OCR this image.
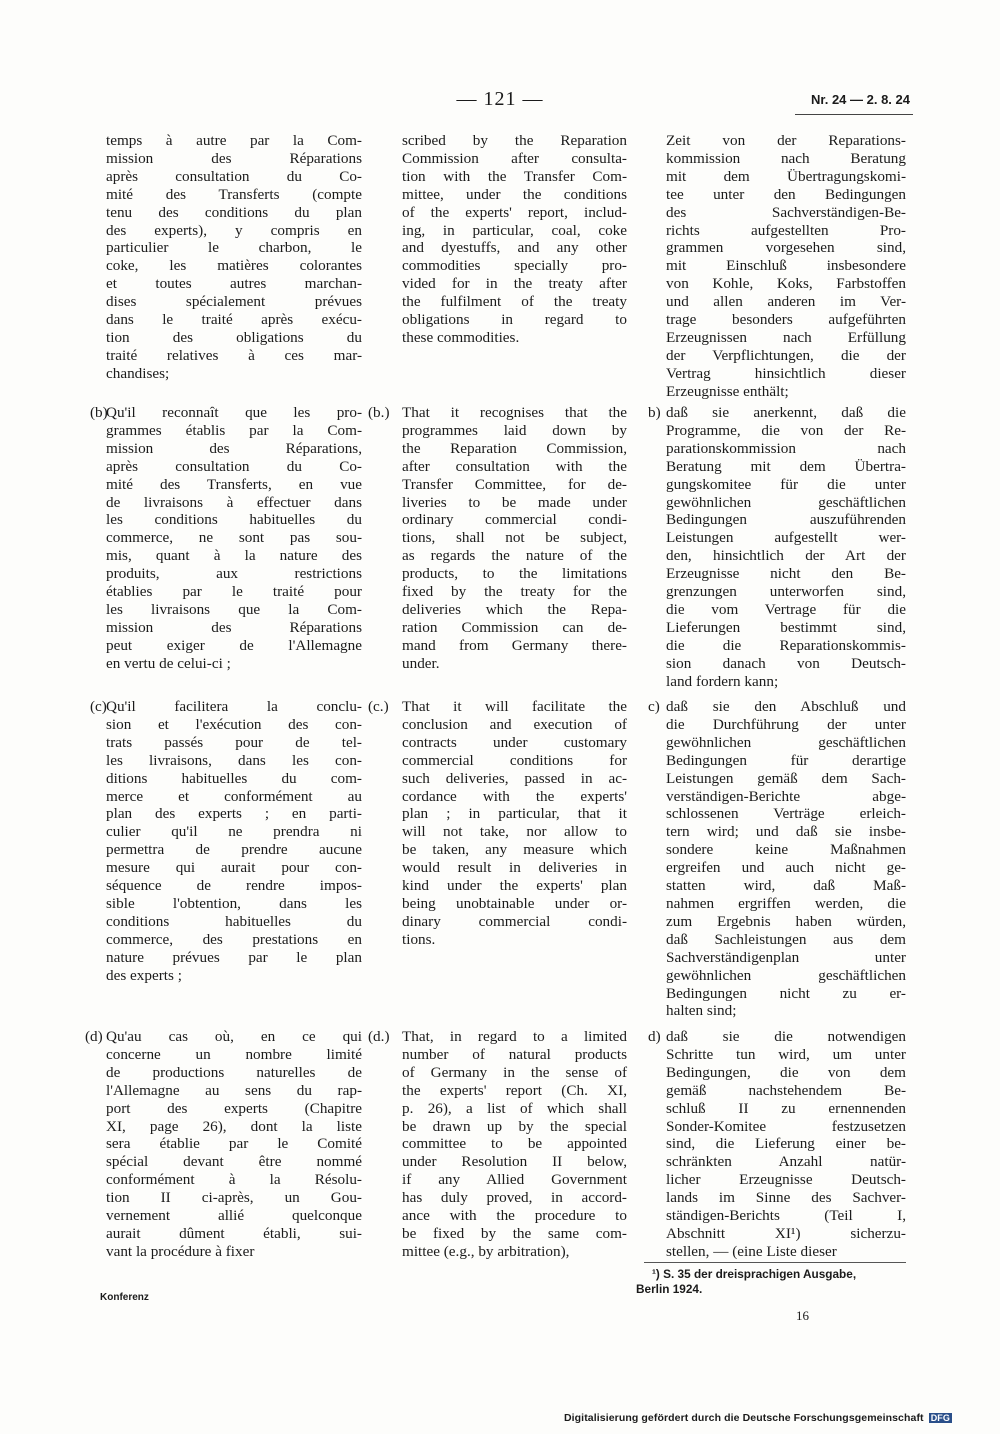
— 121 —	Nr. 24 — 2. 8. 24
temps à autre par la Com-
mission des Réparations
après consultation du Co-
mité des Transferts (compte
tenu des conditions du plan
des experts), y compris en
particulier le charbon, le
coke, les matières colorantes
et toutes autres marchan-
dises spécialement prévues
dans le traité après exécu-
tion des obligations du
traité relatives à ces mar-
chandises;
(b)
Qu'il reconnaît que les pro-
grammes établis par la Com-
mission des Réparations,
après consultation du Co-
mité des Transferts, en vue
de livraisons à effectuer dans
les conditions habituelles du
commerce, ne sont pas sou-
mis, quant à la nature des
produits, aux restrictions
établies par le traité pour
les livraisons que la Com-
mission des Réparations
peut exiger de l'Allemagne
en vertu de celui-ci ;
(c) Qu'il facilitera la conclu-
sion et l'exécution des con-
trats passés pour de tel-
les livraisons, dans les con-
ditions habituelles du com-
merce et conformément au
plan des experts ; en parti-
culier qu'il ne prendra ni
permettra de prendre aucune
mesure qui aurait pour con-
séquence de rendre impos-
sible l'obtention, dans les
conditions habituelles du
commerce, des prestations en
nature prévues par le plan
des experts ;
(d) Qu'au cas où, en ce qui
concerne un nombre limité
de productions naturelles de
l'Allemagne au sens du rap-
port des experts (Chapitre
XI, page 26), dont la liste
sera établie par le Comité
spécial devant être nommé
conformément à la Résolu-
tion II ci-après, un Gou-
vernement allié quelconque
aurait dûment établi, sui-
vant la procédure à fixer
scribed by the Reparation
Commission after consulta-
tion with the Transfer Com-
mittee, under the conditions
of the experts' report, includ-
ing, in particular, coal, coke
and dyestuffs, and any other
commodities specially pro-
vided for in the treaty after
the fulfilment of the treaty
obligations in regard to
these commodities.
(b.) That it recognises that the
programmes laid down by
the Reparation Commission,
after consultation with the
Transfer Committee, for de-
liveries to be made under
ordinary commercial condi-
tions, shall not be subject,
as regards the nature of the
products, to the limitations
fixed by the treaty for the
deliveries which the Repa-
ration Commission can de-
mand from Germany there-
under.
(c.) That it will facilitate the
conclusion and execution of
contracts under customary
commercial conditions for
such deliveries, passed in ac-
cordance with the experts'
plan ; in particular, that it
will not take, nor allow to
be taken, any measure which
would result in deliveries in
kind under the experts' plan
being unobtainable under or-
dinary commercial condi-
tions.
(d.) That, in regard to a limited
number of natural products
of Germany in the sense of
the experts' report (Ch. XI,
p. 26), a list of which shall
be drawn up by the special
committee to be appointed
under Resolution II below,
if any Allied Government
has duly proved, in accord-
ance with the procedure to
be fixed by the same com-
mittee (e.g., by arbitration),
Zeit von der Reparations-
kommission nach Beratung
mit dem Übertragungskomi-
tee unter den Bedingungen
des Sachverständigen-Be-
richts aufgestellten Pro-
grammen vorgesehen sind,
mit Einschluß insbesondere
von Kohle, Koks, Farbstoffen
und allen anderen im Ver-
trage besonders aufgeführten
Erzeugnissen nach Erfüllung
der Verpflichtungen, die der
Vertrag hinsichtlich dieser
Erzeugnisse enthält;
b) daß sie anerkennt, daß die
Programme, die von der Re-
parationskommission nach
Beratung mit dem Übertra-
gungskomitee für die unter
gewöhnlichen geschäftlichen
Bedingungen auszuführenden
Leistungen aufgestellt wer-
den, hinsichtlich der Art der
Erzeugnisse nicht den Be-
grenzungen unterworfen sind,
die vom Vertrage für die
Lieferungen bestimmt sind,
die die Reparationskommis-
sion danach von Deutsch-
land fordern kann;
c) daß sie den Abschluß und
die Durchführung der unter
gewöhnlichen geschäftlichen
Bedingungen für derartige
Leistungen gemäß dem Sach-
verständigen-Berichte abge-
schlossenen Verträge erleich-
tern wird; und daß sie insbe-
sondere keine Maßnahmen
ergreifen und auch nicht ge-
statten wird, daß Maß-
nahmen ergriffen werden, die
zum Ergebnis haben würden,
daß Sachleistungen aus dem
Sachverständigenplan unter
gewöhnlichen geschäftlichen
Bedingungen nicht zu er-
halten sind;
d) daß sie die notwendigen
Schritte tun wird, um unter
Bedingungen, die von dem
gemäß nachstehendem Be-
schluß II zu ernennenden
Sonder-Komitee festzusetzen
sind, die Lieferung einer be-
schränkten Anzahl natür-
licher Erzeugnisse Deutsch-
lands im Sinne des Sachver-
ständigen-Berichts (Teil I,
Abschnitt XI¹) sicherzu-
stellen, — (eine Liste dieser
¹) S. 35 der dreisprachigen Ausgabe,
Berlin 1924.
Konferenz
16
Digitalisierung gefördert durch die Deutsche Forschungsgemeinschaft DFG
